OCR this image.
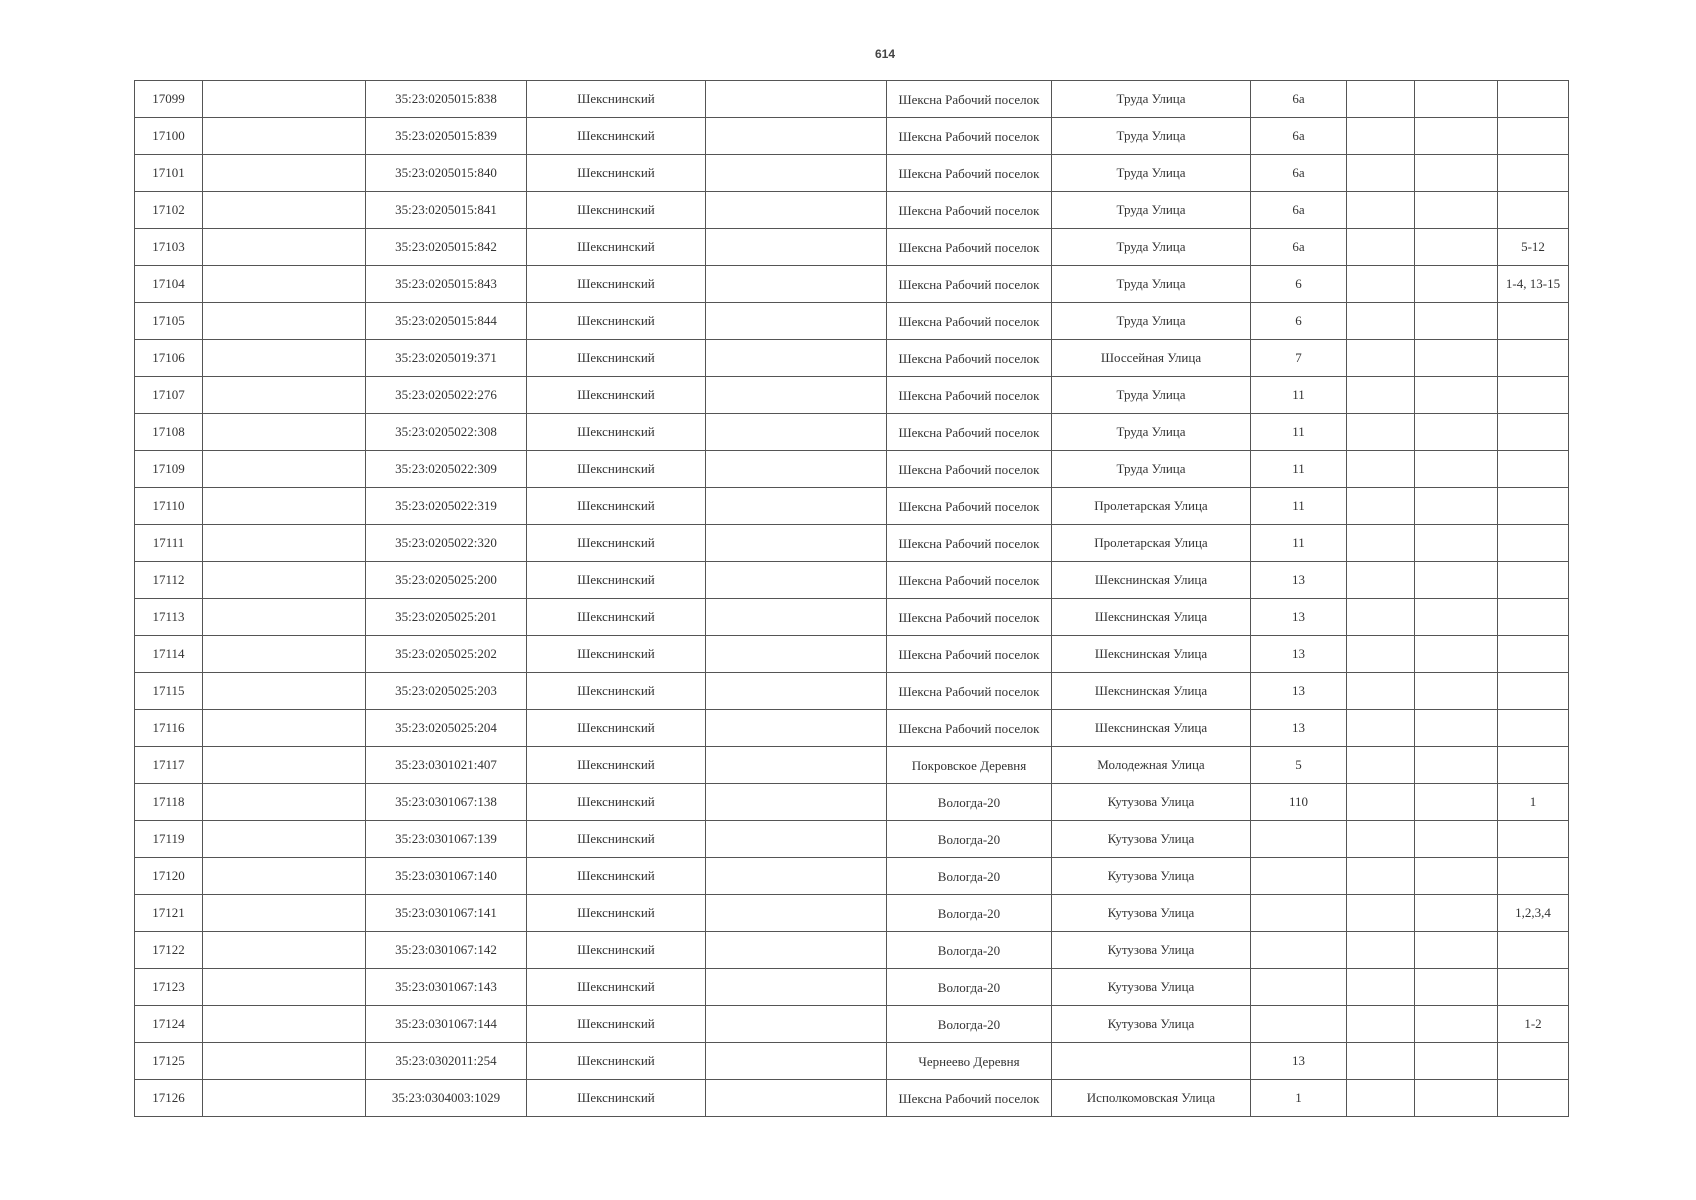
614
17099		35:23:0205015:838	Шекснинский		Шексна Рабочий поселок	Труда Улица	6а			
17100		35:23:0205015:839	Шекснинский		Шексна Рабочий поселок	Труда Улица	6а			
17101		35:23:0205015:840	Шекснинский		Шексна Рабочий поселок	Труда Улица	6а			
17102		35:23:0205015:841	Шекснинский		Шексна Рабочий поселок	Труда Улица	6а			
17103		35:23:0205015:842	Шекснинский		Шексна Рабочий поселок	Труда Улица	6а			5-12
17104		35:23:0205015:843	Шекснинский		Шексна Рабочий поселок	Труда Улица	6			1-4, 13-15
17105		35:23:0205015:844	Шекснинский		Шексна Рабочий поселок	Труда Улица	6			
17106		35:23:0205019:371	Шекснинский		Шексна Рабочий поселок	Шоссейная Улица	7			
17107		35:23:0205022:276	Шекснинский		Шексна Рабочий поселок	Труда Улица	11			
17108		35:23:0205022:308	Шекснинский		Шексна Рабочий поселок	Труда Улица	11			
17109		35:23:0205022:309	Шекснинский		Шексна Рабочий поселок	Труда Улица	11			
17110		35:23:0205022:319	Шекснинский		Шексна Рабочий поселок	Пролетарская Улица	11			
17111		35:23:0205022:320	Шекснинский		Шексна Рабочий поселок	Пролетарская Улица	11			
17112		35:23:0205025:200	Шекснинский		Шексна Рабочий поселок	Шекснинская Улица	13			
17113		35:23:0205025:201	Шекснинский		Шексна Рабочий поселок	Шекснинская Улица	13			
17114		35:23:0205025:202	Шекснинский		Шексна Рабочий поселок	Шекснинская Улица	13			
17115		35:23:0205025:203	Шекснинский		Шексна Рабочий поселок	Шекснинская Улица	13			
17116		35:23:0205025:204	Шекснинский		Шексна Рабочий поселок	Шекснинская Улица	13			
17117		35:23:0301021:407	Шекснинский		Покровское Деревня	Молодежная Улица	5			
17118		35:23:0301067:138	Шекснинский		Вологда-20	Кутузова Улица	110			1
17119		35:23:0301067:139	Шекснинский		Вологда-20	Кутузова Улица				
17120		35:23:0301067:140	Шекснинский		Вологда-20	Кутузова Улица				
17121		35:23:0301067:141	Шекснинский		Вологда-20	Кутузова Улица				1,2,3,4
17122		35:23:0301067:142	Шекснинский		Вологда-20	Кутузова Улица				
17123		35:23:0301067:143	Шекснинский		Вологда-20	Кутузова Улица				
17124		35:23:0301067:144	Шекснинский		Вологда-20	Кутузова Улица				1-2
17125		35:23:0302011:254	Шекснинский		Чернеево Деревня		13			
17126		35:23:0304003:1029	Шекснинский		Шексна Рабочий поселок	Исполкомовская Улица	1			
